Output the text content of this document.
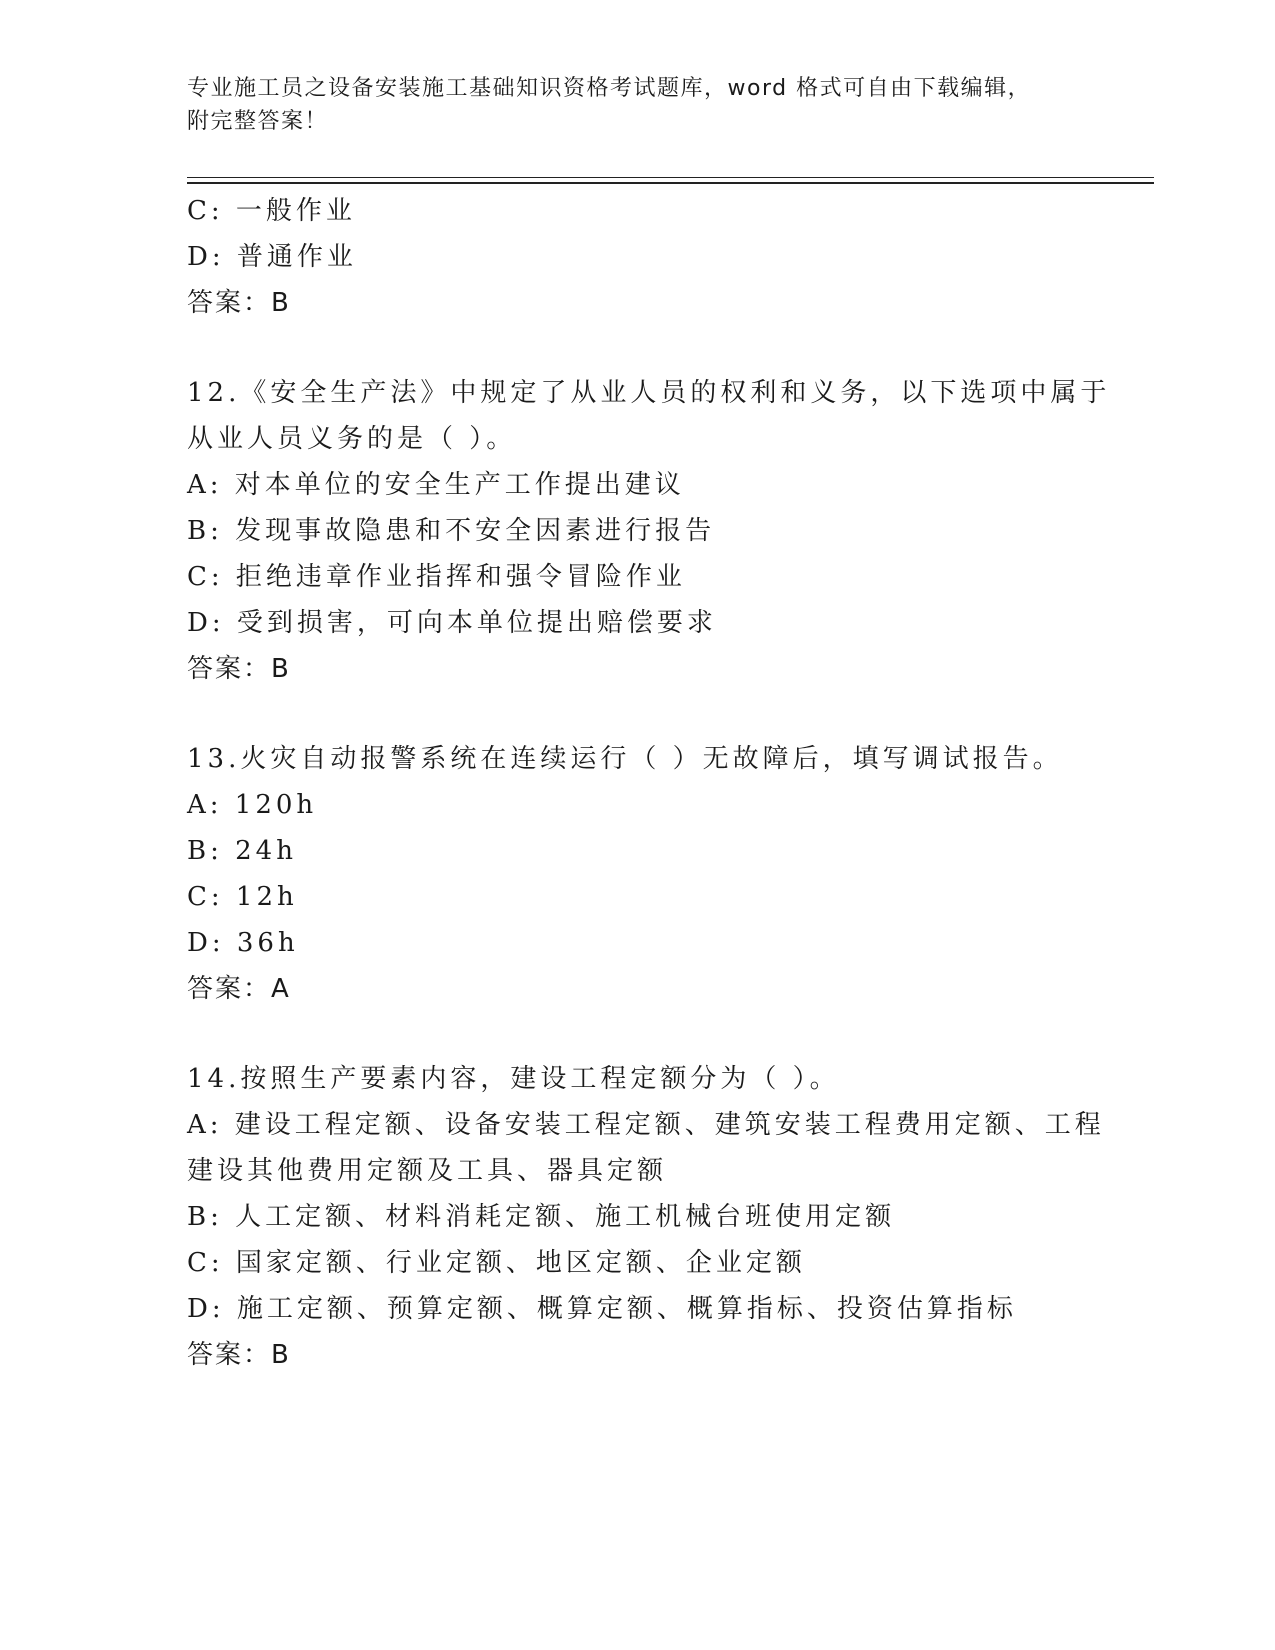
专业施工员之设备安装施工基础知识资格考试题库，word 格式可自由下载编辑，
附完整答案！
C: 一般作业
D: 普通作业
答案：B
12.《安全生产法》中规定了从业人员的权利和义务，以下选项中属于
从业人员义务的是（ ）。
A: 对本单位的安全生产工作提出建议
B: 发现事故隐患和不安全因素进行报告
C: 拒绝违章作业指挥和强令冒险作业
D: 受到损害，可向本单位提出赔偿要求
答案：B
13.火灾自动报警系统在连续运行（ ）无故障后，填写调试报告。
A: 120h
B: 24h
C: 12h
D: 36h
答案：A
14.按照生产要素内容，建设工程定额分为（ ）。
A: 建设工程定额、设备安装工程定额、建筑安装工程费用定额、工程
建设其他费用定额及工具、器具定额
B: 人工定额、材料消耗定额、施工机械台班使用定额
C: 国家定额、行业定额、地区定额、企业定额
D: 施工定额、预算定额、概算定额、概算指标、投资估算指标
答案：B
